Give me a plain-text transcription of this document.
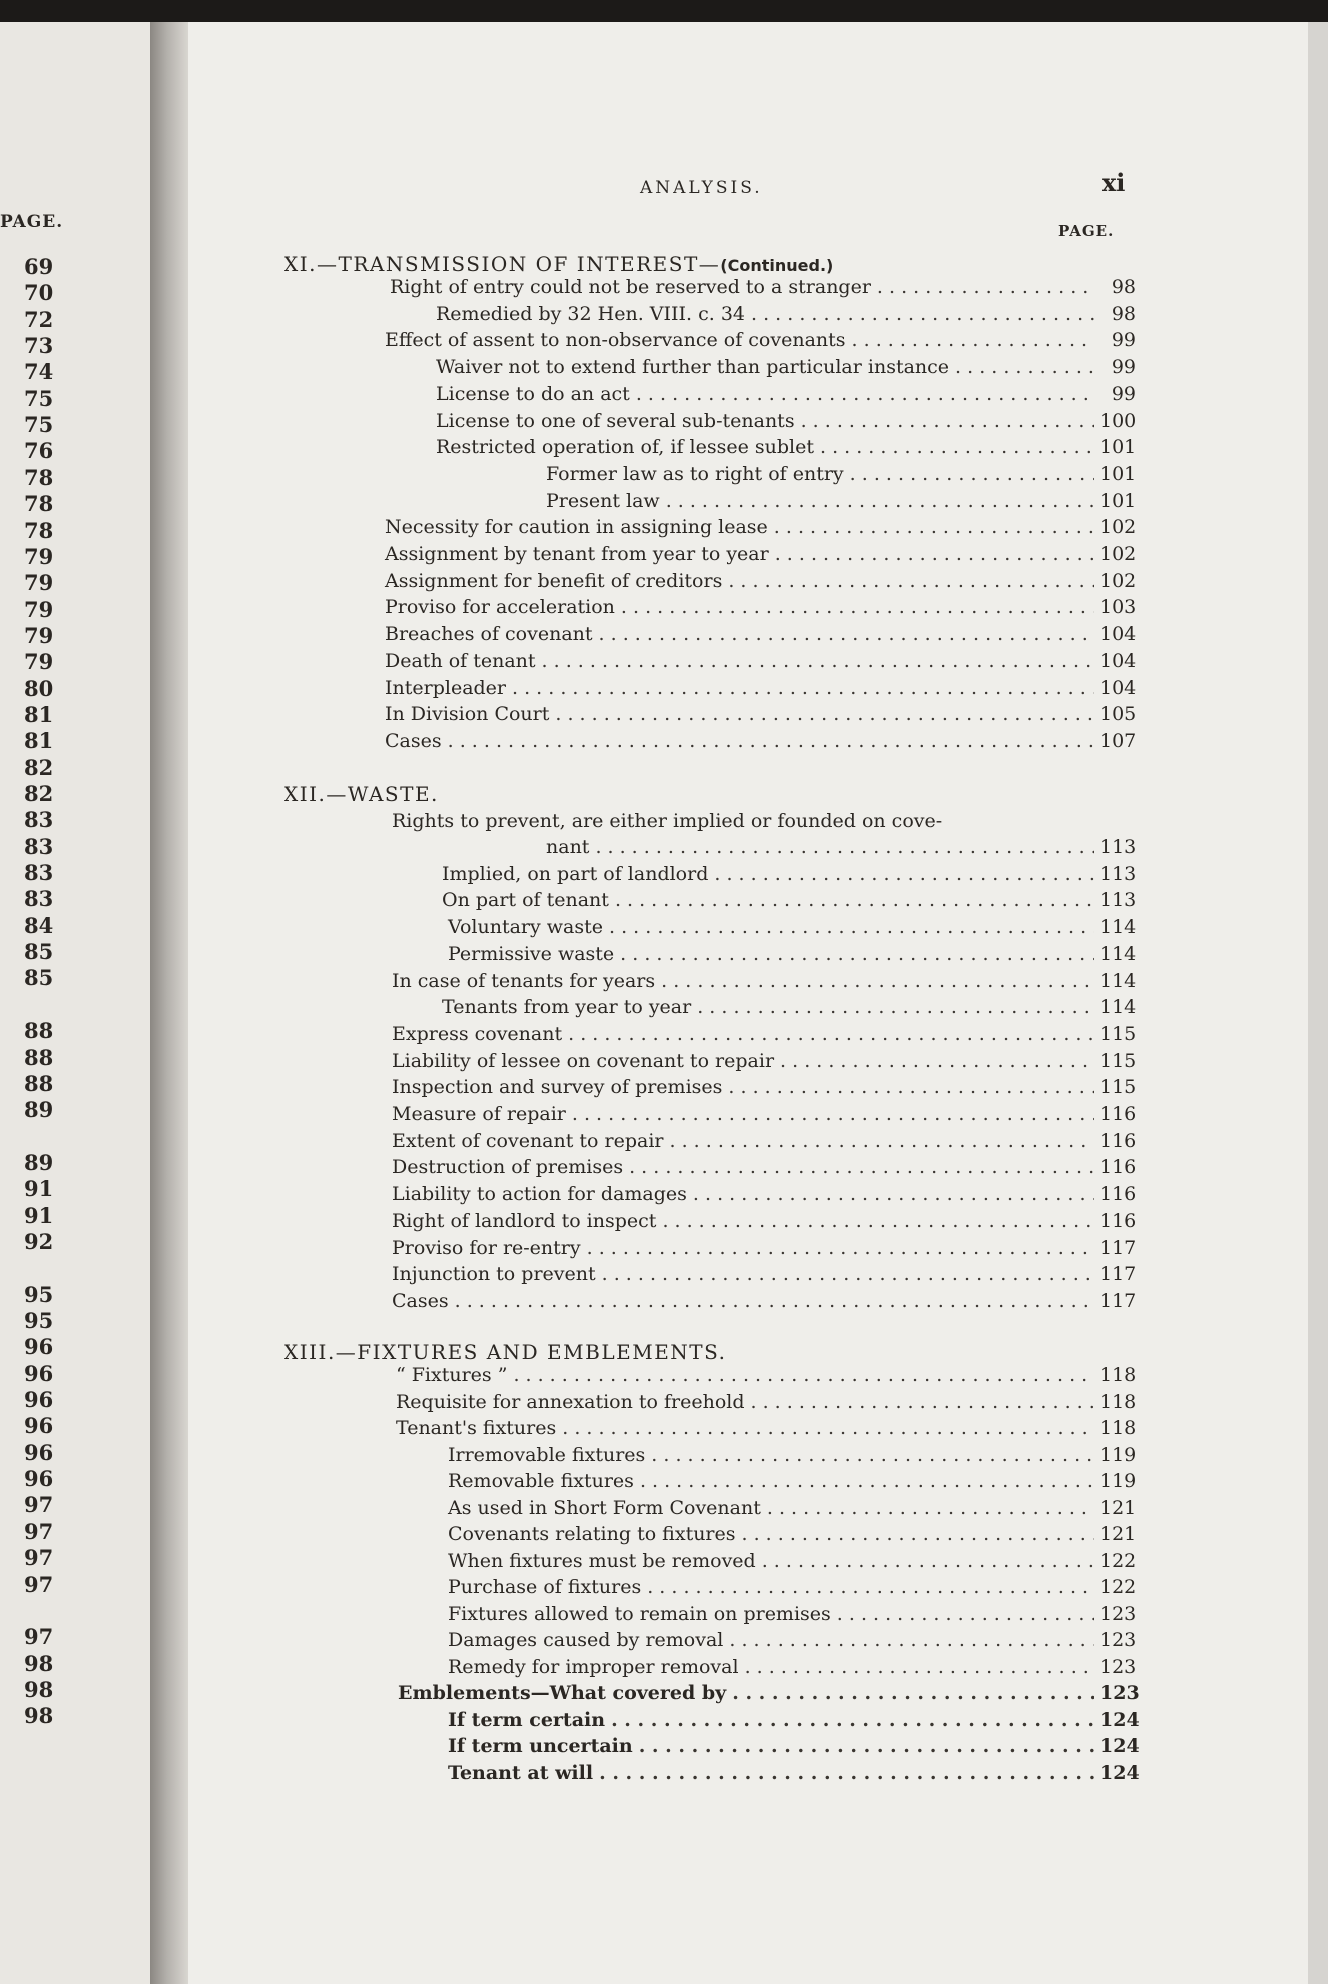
PAGE.
69
70
72
73
74
75
75
76
78
78
78
79
79
79
79
79
80
81
81
82
82
83
83
83
83
84
85
85
88
88
88
89
89
91
91
92
95
95
96
96
96
96
96
96
97
97
97
97
97
98
98
98
ANALYSIS.	xi
PAGE.
XI.—TRANSMISSION OF INTEREST—(Continued.)
Right of entry could not be reserved to a stranger . . .	98
Remedied by 32 Hen. VIII. c. 34 . . .	98
Effect of assent to non-observance of covenants . . .	99
Waiver not to extend further than particular instance . . .	99
License to do an act . . .	99
License to one of several sub-tenants . . .	100
Restricted operation of, if lessee sublet . . .	101
Former law as to right of entry . . .	101
Present law . . .	101
Necessity for caution in assigning lease . . .	102
Assignment by tenant from year to year . . .	102
Assignment for benefit of creditors . . .	102
Proviso for acceleration . . .	103
Breaches of covenant . . .	104
Death of tenant . . .	104
Interpleader . . .	104
In Division Court . . .	105
Cases . . .	107
XII.—WASTE.
Rights to prevent, are either implied or founded on cove-
nant . . .	113
Implied, on part of landlord . . .	113
On part of tenant . . .	113
Voluntary waste . . .	114
Permissive waste . . .	114
In case of tenants for years . . .	114
Tenants from year to year . . .	114
Express covenant . . .	115
Liability of lessee on covenant to repair . . .	115
Inspection and survey of premises . . .	115
Measure of repair . . .	116
Extent of covenant to repair . . .	116
Destruction of premises . . .	116
Liability to action for damages . . .	116
Right of landlord to inspect . . .	116
Proviso for re-entry . . .	117
Injunction to prevent . . .	117
Cases . . .	117
XIII.—FIXTURES AND EMBLEMENTS.
“ Fixtures ” . . .	118
Requisite for annexation to freehold . . .	118
Tenant's fixtures . . .	118
Irremovable fixtures . . .	119
Removable fixtures . . .	119
As used in Short Form Covenant . . .	121
Covenants relating to fixtures . . .	121
When fixtures must be removed . . .	122
Purchase of fixtures . . .	122
Fixtures allowed to remain on premises . . .	123
Damages caused by removal . . .	123
Remedy for improper removal . . .	123
Emblements—What covered by . . .	123
If term certain . . .	124
If term uncertain . . .	124
Tenant at will . . .	124
